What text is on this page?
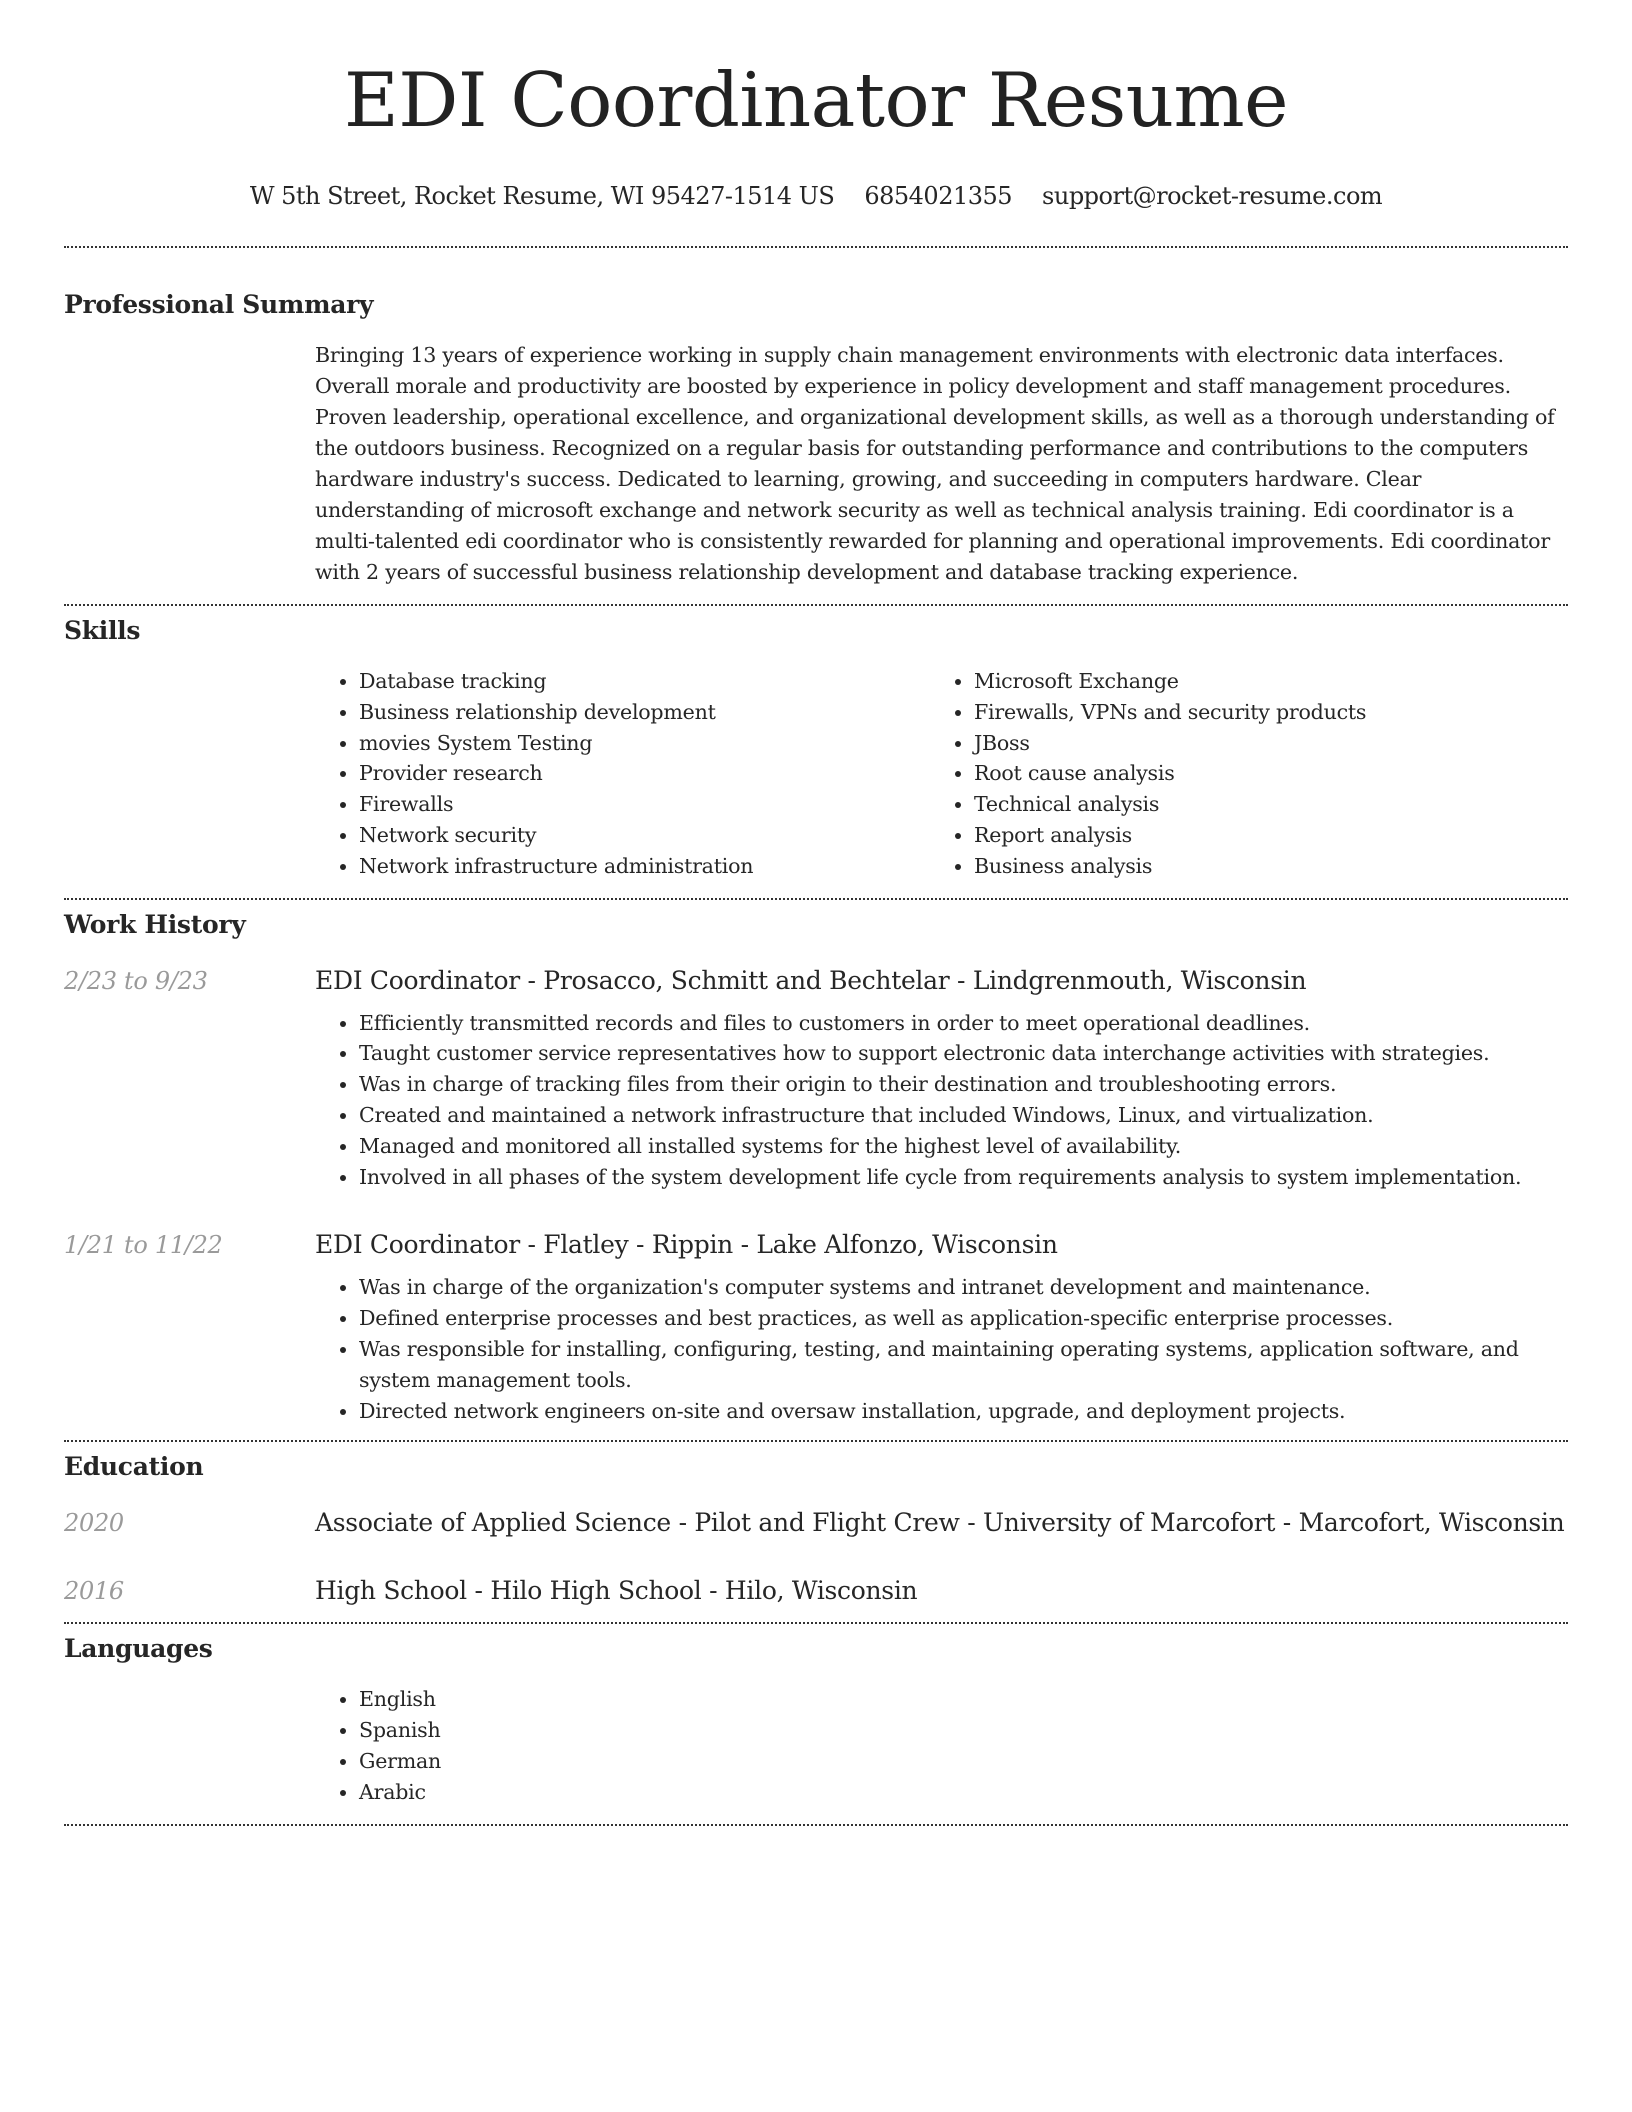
EDI Coordinator Resume
W 5th Street, Rocket Resume, WI 95427-1514 US 6854021355 support@rocket-resume.com
Professional Summary

Bringing 13 years of experience working in supply chain management environments with electronic data interfaces. Overall morale and productivity are boosted by experience in policy development and staff management procedures. Proven leadership, operational excellence, and organizational development skills, as well as a thorough understanding of the outdoors business. Recognized on a regular basis for outstanding performance and contributions to the computers hardware industry's success. Dedicated to learning, growing, and succeeding in computers hardware. Clear understanding of microsoft exchange and network security as well as technical analysis training. Edi coordinator is a multi-talented edi coordinator who is consistently rewarded for planning and operational improvements. Edi coordinator with 2 years of successful business relationship development and database tracking experience.

Skills
• Database tracking
• Business relationship development
• movies System Testing
• Provider research
• Firewalls
• Network security
• Network infrastructure administration
• Microsoft Exchange
• Firewalls, VPNs and security products
• JBoss
• Root cause analysis
• Technical analysis
• Report analysis
• Business analysis
Work History
2/23 to 9/23	EDI Coordinator - Prosacco, Schmitt and Bechtelar - Lindgrenmouth, Wisconsin
• Efficiently transmitted records and files to customers in order to meet operational deadlines.
• Taught customer service representatives how to support electronic data interchange activities with strategies.
• Was in charge of tracking files from their origin to their destination and troubleshooting errors.
• Created and maintained a network infrastructure that included Windows, Linux, and virtualization.
• Managed and monitored all installed systems for the highest level of availability.
• Involved in all phases of the system development life cycle from requirements analysis to system implementation.
1/21 to 11/22	EDI Coordinator - Flatley - Rippin - Lake Alfonzo, Wisconsin
• Was in charge of the organization's computer systems and intranet development and maintenance.
• Defined enterprise processes and best practices, as well as application-specific enterprise processes.
• Was responsible for installing, configuring, testing, and maintaining operating systems, application software, and system management tools.
• Directed network engineers on-site and oversaw installation, upgrade, and deployment projects.
Education
2020	Associate of Applied Science - Pilot and Flight Crew - University of Marcofort - Marcofort, Wisconsin
2016	High School - Hilo High School - Hilo, Wisconsin
Languages
• English
• Spanish
• German
• Arabic
